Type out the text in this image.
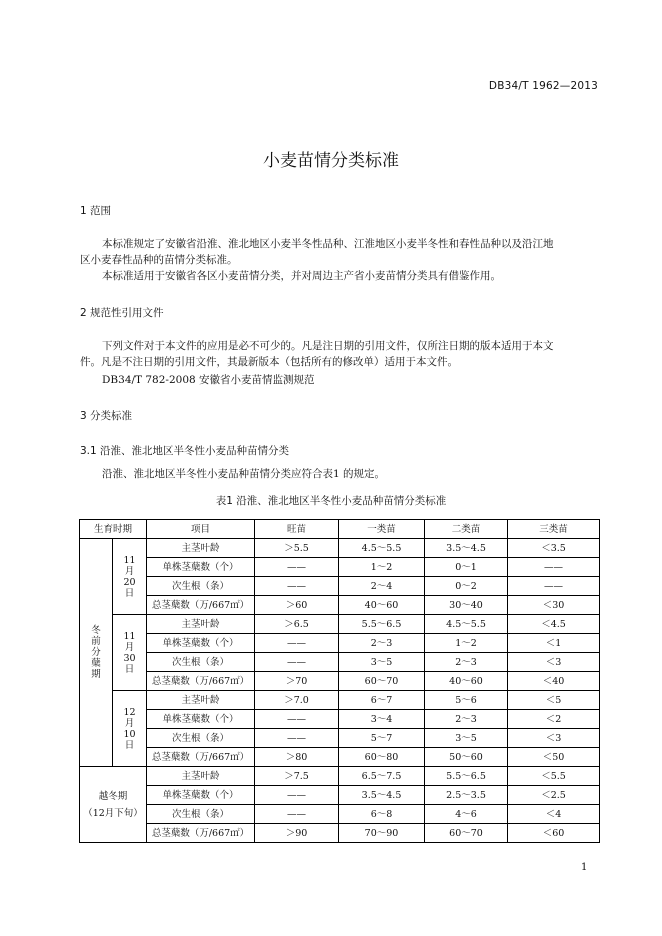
DB34/T 1962—2013
小麦苗情分类标准
1 范围
本标准规定了安徽省沿淮、淮北地区小麦半冬性品种、江淮地区小麦半冬性和春性品种以及沿江地
区小麦春性品种的苗情分类标准。
本标准适用于安徽省各区小麦苗情分类，并对周边主产省小麦苗情分类具有借鉴作用。
2 规范性引用文件
下列文件对于本文件的应用是必不可少的。凡是注日期的引用文件，仅所注日期的版本适用于本文
件。凡是不注日期的引用文件，其最新版本（包括所有的修改单）适用于本文件。
DB34/T 782-2008 安徽省小麦苗情监测规范
3 分类标准
3.1 沿淮、淮北地区半冬性小麦品种苗情分类
沿淮、淮北地区半冬性小麦品种苗情分类应符合表1 的规定。
表1 沿淮、淮北地区半冬性小麦品种苗情分类标准
生育时期		项目	旺苗	一类苗	二类苗	三类苗
冬
前
分
蘖
期	11
月
20
日	主茎叶龄	＞5.5	4.5～5.5	3.5～4.5	＜3.5
		单株茎蘖数（个）	——	1～2	0～1	——
		次生根（条）	——	2～4	0～2	——
		总茎蘖数（万/667㎡）	＞60	40～60	30～40	＜30
	11
月
30
日	主茎叶龄	＞6.5	5.5～6.5	4.5～5.5	＜4.5
		单株茎蘖数（个）	——	2～3	1～2	＜1
		次生根（条）	——	3～5	2～3	＜3
		总茎蘖数（万/667㎡）	＞70	60～70	40～60	＜40
	12
月
10
日	主茎叶龄	＞7.0	6～7	5～6	＜5
		单株茎蘖数（个）	——	3～4	2～3	＜2
		次生根（条）	——	5～7	3～5	＜3
		总茎蘖数（万/667㎡）	＞80	60～80	50～60	＜50
越冬期
（12月下旬）		主茎叶龄	＞7.5	6.5～7.5	5.5～6.5	＜5.5
		单株茎蘖数（个）	——	3.5～4.5	2.5～3.5	＜2.5
		次生根（条）	——	6～8	4～6	＜4
		总茎蘖数（万/667㎡）	＞90	70～90	60～70	＜60
1
